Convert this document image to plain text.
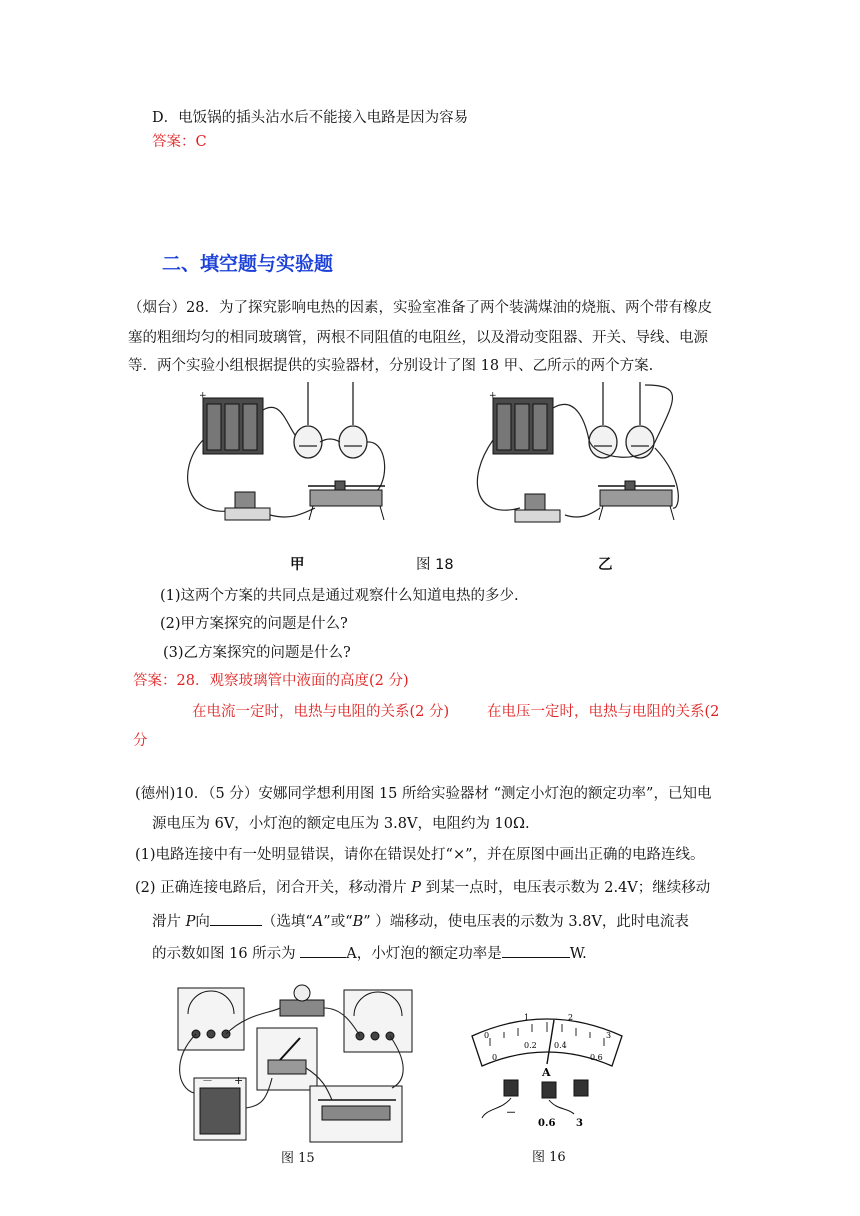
D．电饭锅的插头沾水后不能接入电路是因为容易
答案：C
二、填空题与实验题
（烟台）28．为了探究影响电热的因素，实验室准备了两个装满煤油的烧瓶、两个带有橡皮
塞的粗细均匀的相同玻璃管，两根不同阻值的电阻丝，以及滑动变阻器、开关、导线、电源
等．两个实验小组根据提供的实验器材，分别设计了图 18 甲、乙所示的两个方案.
+	+
甲	图 18	乙
(1)这两个方案的共同点是通过观察什么知道电热的多少.
(2)甲方案探究的问题是什么?
(3)乙方案探究的问题是什么?
答案：28．观察玻璃管中液面的高度(2 分)
在电流一定时，电热与电阻的关系(2 分)	在电压一定时，电热与电阻的关系(2
分
(德州)10．（5 分）安娜同学想利用图 15 所给实验器材 “测定小灯泡的额定功率”，已知电
源电压为 6V，小灯泡的额定电压为 3.8V，电阻约为 10Ω.
(1)电路连接中有一处明显错误，请你在错误处打“×”，并在原图中画出正确的电路连线。
(2) 正确连接电路后，闭合开关，移动滑片 P 到某一点时，电压表示数为 2.4V；继续移动
滑片 P向	（选填“A”或“B” ）端移动，使电压表的示数为 3.8V，此时电流表
的示数如图 16 所示为	A，小灯泡的额定功率是	W.
－ +
图 15
0
1	2
3
0
0.2 0.4
0.6
A
－
0.6 3
图 16
